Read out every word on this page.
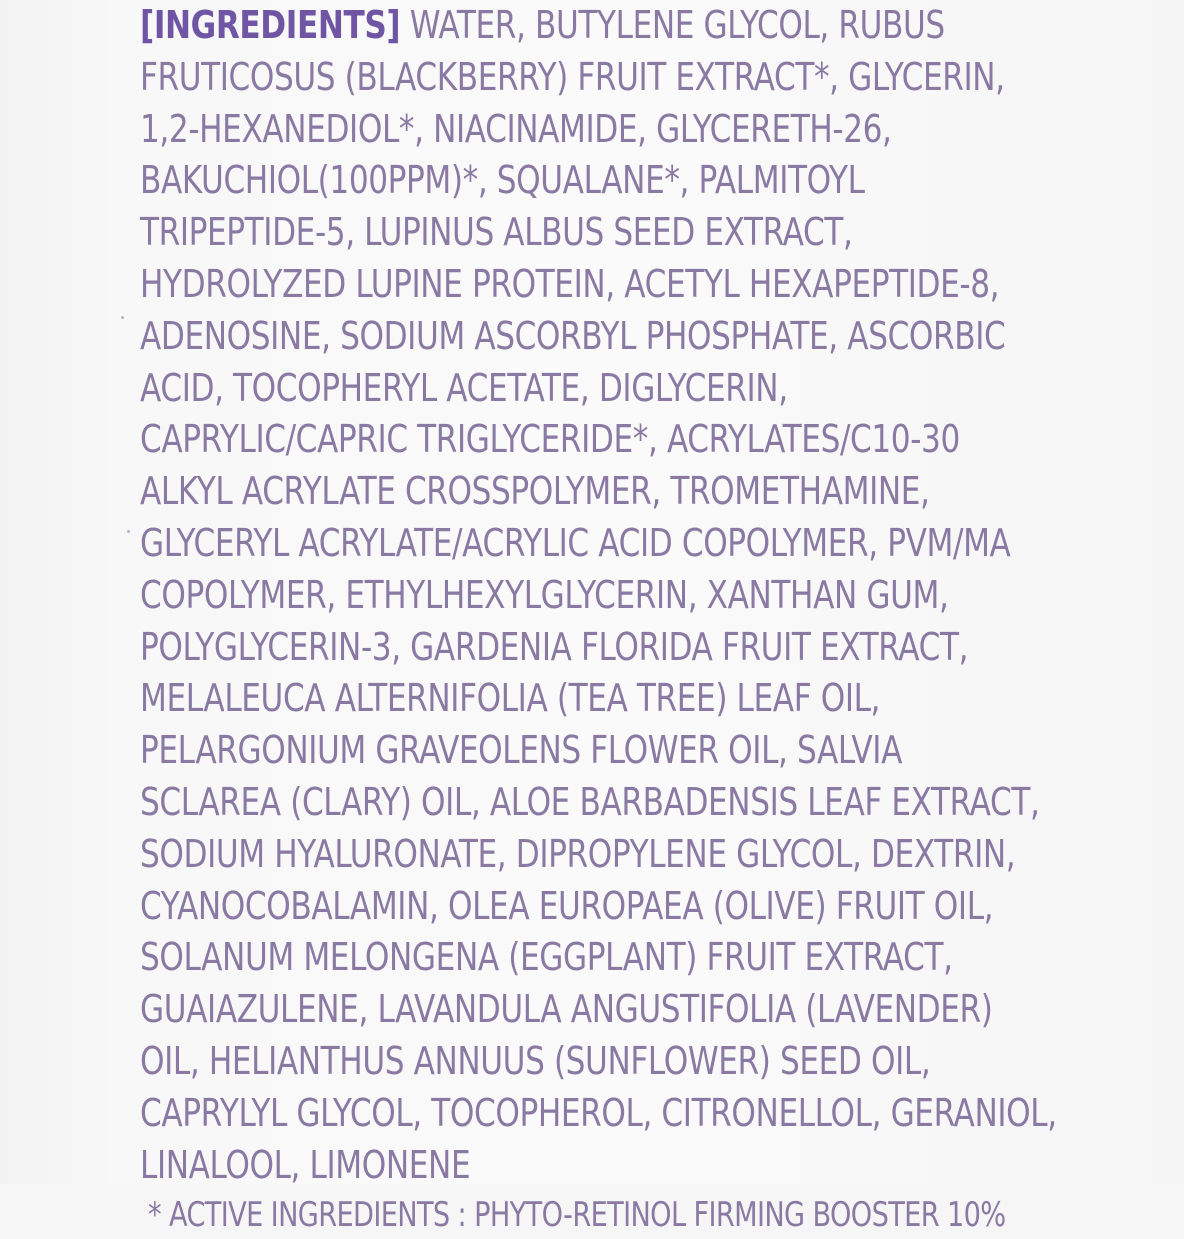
[INGREDIENTS] WATER, BUTYLENE GLYCOL, RUBUS
FRUTICOSUS (BLACKBERRY) FRUIT EXTRACT*, GLYCERIN,
1,2-HEXANEDIOL*, NIACINAMIDE, GLYCERETH-26,
BAKUCHIOL(100PPM)*, SQUALANE*, PALMITOYL
TRIPEPTIDE-5, LUPINUS ALBUS SEED EXTRACT,
HYDROLYZED LUPINE PROTEIN, ACETYL HEXAPEPTIDE-8,
ADENOSINE, SODIUM ASCORBYL PHOSPHATE, ASCORBIC
ACID, TOCOPHERYL ACETATE, DIGLYCERIN,
CAPRYLIC/CAPRIC TRIGLYCERIDE*, ACRYLATES/C10-30
ALKYL ACRYLATE CROSSPOLYMER, TROMETHAMINE,
GLYCERYL ACRYLATE/ACRYLIC ACID COPOLYMER, PVM/MA
COPOLYMER, ETHYLHEXYLGLYCERIN, XANTHAN GUM,
POLYGLYCERIN-3, GARDENIA FLORIDA FRUIT EXTRACT,
MELALEUCA ALTERNIFOLIA (TEA TREE) LEAF OIL,
PELARGONIUM GRAVEOLENS FLOWER OIL, SALVIA
SCLAREA (CLARY) OIL, ALOE BARBADENSIS LEAF EXTRACT,
SODIUM HYALURONATE, DIPROPYLENE GLYCOL, DEXTRIN,
CYANOCOBALAMIN, OLEA EUROPAEA (OLIVE) FRUIT OIL,
SOLANUM MELONGENA (EGGPLANT) FRUIT EXTRACT,
GUAIAZULENE, LAVANDULA ANGUSTIFOLIA (LAVENDER)
OIL, HELIANTHUS ANNUUS (SUNFLOWER) SEED OIL,
CAPRYLYL GLYCOL, TOCOPHEROL, CITRONELLOL, GERANIOL,
LINALOOL, LIMONENE
* ACTIVE INGREDIENTS : PHYTO-RETINOL FIRMING BOOSTER 10%
